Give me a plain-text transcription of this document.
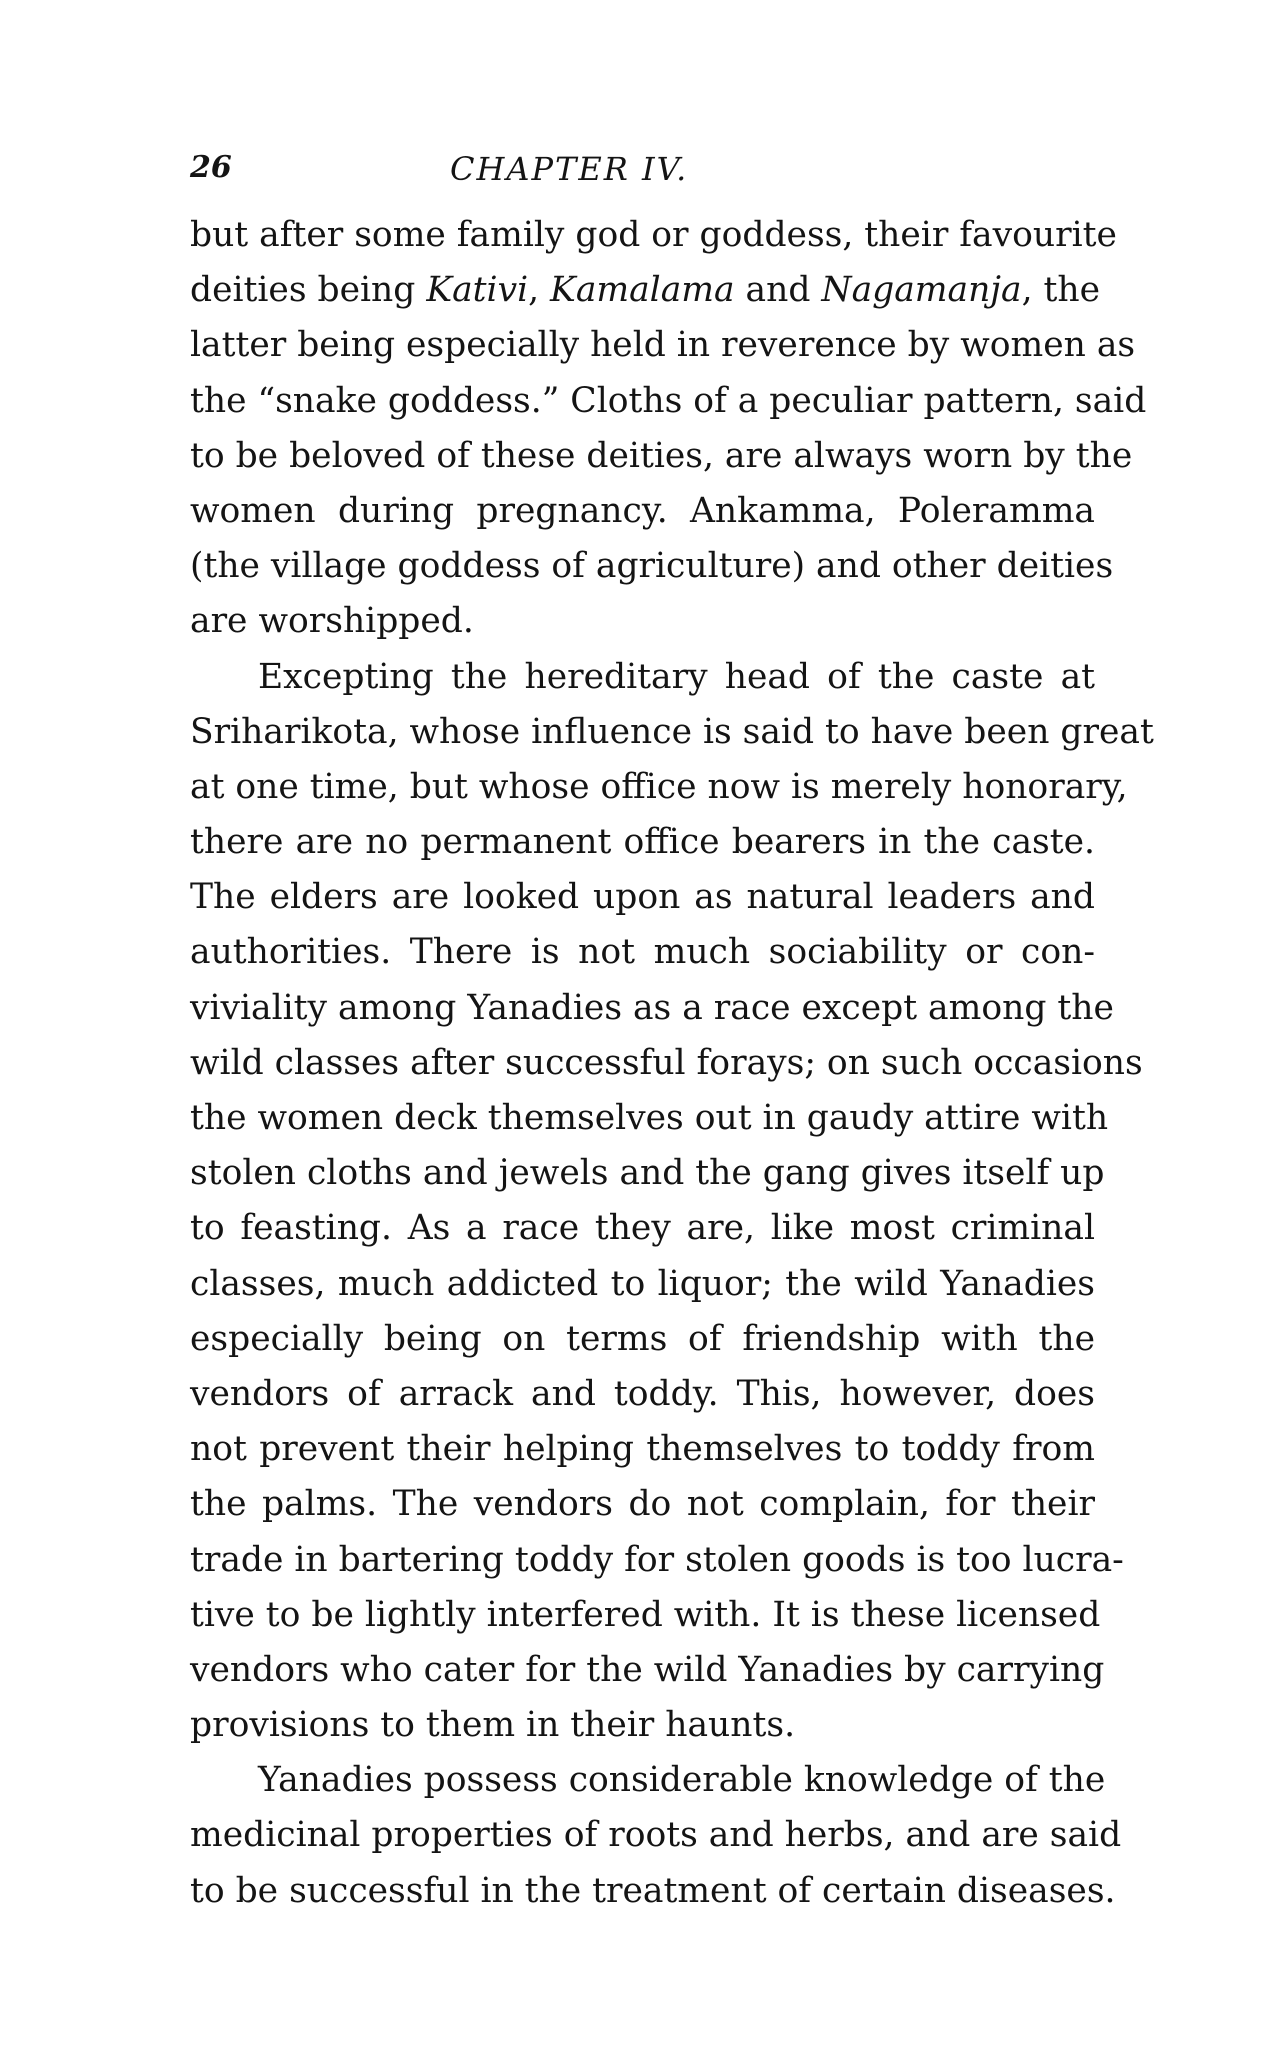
26	CHAPTER IV.
but after some family god or goddess, their favourite
deities being Kativi, Kamalama and Nagamanja, the
latter being especially held in reverence by women as
the “snake goddess.” Cloths of a peculiar pattern, said
to be beloved of these deities, are always worn by the
women during pregnancy. Ankamma, Poleramma
(the village goddess of agriculture) and other deities
are worshipped.
Excepting the hereditary head of the caste at
Sriharikota, whose influence is said to have been great
at one time, but whose office now is merely honorary,
there are no permanent office bearers in the caste.
The elders are looked upon as natural leaders and
authorities. There is not much sociability or con-
viviality among Yanadies as a race except among the
wild classes after successful forays; on such occasions
the women deck themselves out in gaudy attire with
stolen cloths and jewels and the gang gives itself up
to feasting. As a race they are, like most criminal
classes, much addicted to liquor; the wild Yanadies
especially being on terms of friendship with the
vendors of arrack and toddy. This, however, does
not prevent their helping themselves to toddy from
the palms. The vendors do not complain, for their
trade in bartering toddy for stolen goods is too lucra-
tive to be lightly interfered with. It is these licensed
vendors who cater for the wild Yanadies by carrying
provisions to them in their haunts.
Yanadies possess considerable knowledge of the
medicinal properties of roots and herbs, and are said
to be successful in the treatment of certain diseases.
